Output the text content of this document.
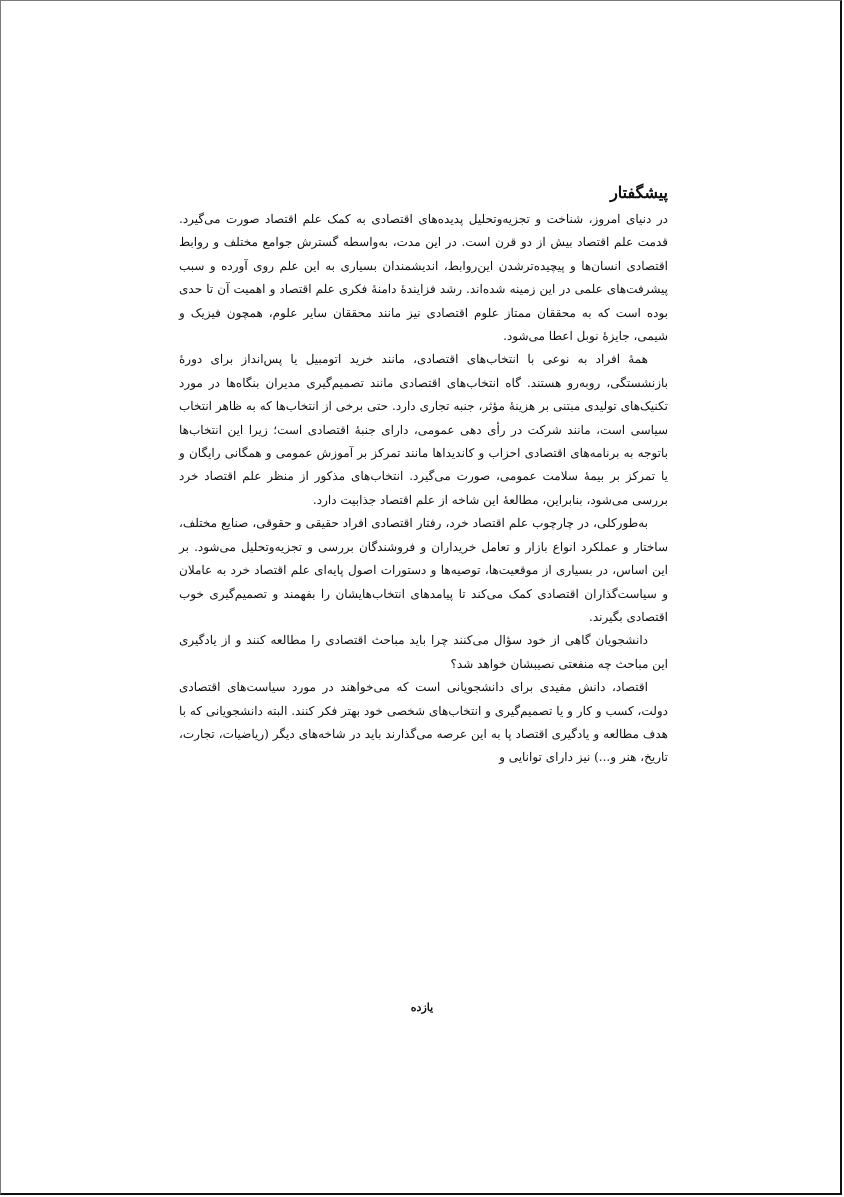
پیشگفتار

در دنیای امروز، شناخت و تجزیه‌وتحلیل پدیده‌های اقتصادی به کمک علم اقتصاد صورت می‌گیرد. قدمت علم اقتصاد بیش از دو قرن است. در این مدت، به‌واسطه گسترش جوامع مختلف و روابط اقتصادی انسان‌ها و پیچیده‌ترشدن این‌روابط، اندیشمندان بسیاری به این علم روی آورده و سبب پیشرفت‌های علمی در این زمینه شده‌اند. رشد فزایندهٔ دامنهٔ فکری علم اقتصاد و اهمیت آن تا حدی بوده است که به محققان ممتاز علوم اقتصادی نیز مانند محققان سایر علوم، همچون فیزیک و شیمی، جایزهٔ نوبل اعطا می‌شود.

همهٔ افراد به نوعی با انتخاب‌های اقتصادی، مانند خرید اتومبیل یا پس‌انداز برای دورهٔ بازنشستگی، روبه‌رو هستند. گاه انتخاب‌های اقتصادی مانند تصمیم‌گیری مدیران بنگاه‌ها در مورد تکنیک‌های تولیدی مبتنی بر هزینهٔ مؤثر، جنبه تجاری دارد. حتی برخی از انتخاب‌ها که به ظاهر انتخاب سیاسی است، مانند شرکت در رأی دهی عمومی، دارای جنبهٔ اقتصادی است؛ زیرا این انتخاب‌ها باتوجه به برنامه‌های اقتصادی احزاب و کاندیداها مانند تمرکز بر آموزش عمومی و همگانی رایگان و یا تمرکز بر بیمهٔ سلامت عمومی، صورت می‌گیرد. انتخاب‌های مذکور از منظر علم اقتصاد خرد بررسی می‌شود، بنابراین، مطالعهٔ این شاخه از علم اقتصاد جذابیت دارد.

به‌طورکلی، در چارچوب علم اقتصاد خرد، رفتار اقتصادی افراد حقیقی و حقوقی، صنایع مختلف، ساختار و عملکرد انواع بازار و تعامل خریداران و فروشندگان بررسی و تجزیه‌وتحلیل می‌شود. بر این اساس، در بسیاری از موقعیت‌ها، توصیه‌ها و دستورات اصول پایه‌ای علم اقتصاد خرد به عاملان و سیاست‌گذاران اقتصادی کمک می‌کند تا پیامدهای انتخاب‌هایشان را بفهمند و تصمیم‌گیری خوب اقتصادی بگیرند.

دانشجویان گاهی از خود سؤال می‌کنند چرا باید مباحث اقتصادی را مطالعه کنند و از یادگیری این مباحث چه منفعتی نصیبشان خواهد شد؟

اقتصاد، دانش مفیدی برای دانشجویانی است که می‌خواهند در مورد سیاست‌های اقتصادی دولت، کسب و کار و یا تصمیم‌گیری و انتخاب‌های شخصی خود بهتر فکر کنند. البته دانشجویانی که با هدف مطالعه و یادگیری اقتصاد پا به این عرصه می‌گذارند باید در شاخه‌های دیگر (ریاضیات، تجارت، تاریخ، هنر و...) نیز دارای توانایی و

یازده
